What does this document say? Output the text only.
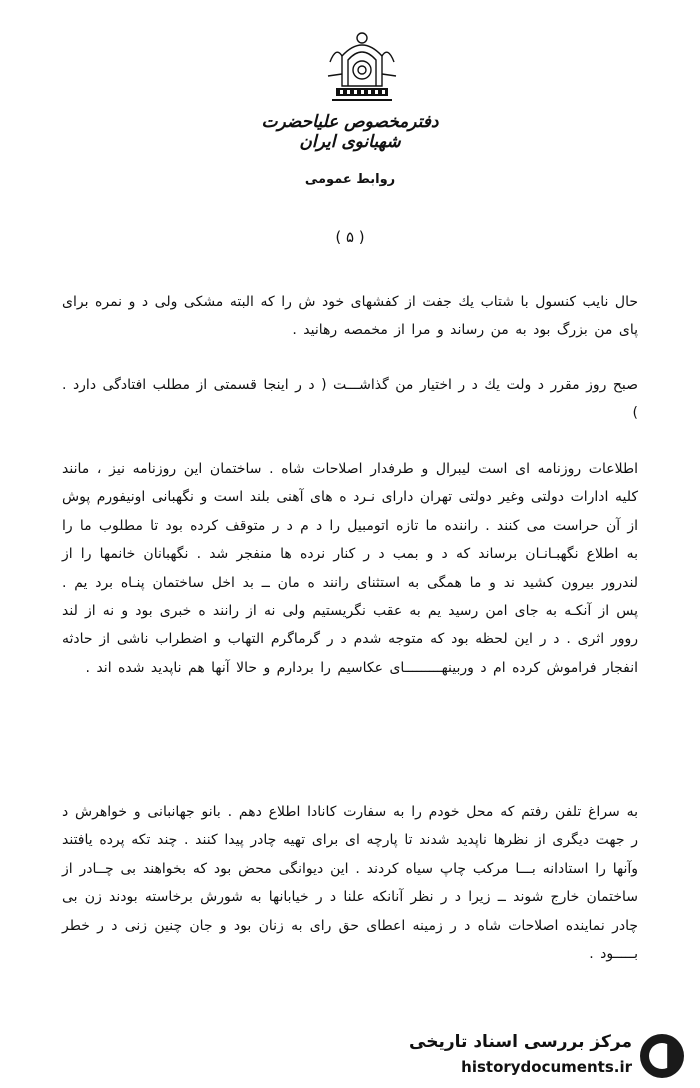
دفترمخصوص علیاحضرت شهبانوی ایران
روابط عمومی
( ۵ )
حال نایب کنسول با شتاب یك جفت از کفشهای خود ش را که البته مشکی ولی د و نمره برای پای من بزرگ بود به من رساند و مرا از مخمصه رهانید .
صبح روز مقرر د ولت یك د ر اختیار من گذاشـــت ( د ر اینجا قسمتی از مطلب افتادگی دارد . )
اطلاعات روزنامه ای است لیبرال و طرفدار اصلاحات شاه . ساختمان این روزنامه نیز ، مانند کلیه ادارات دولتی وغیر دولتی تهران دارای نـرد ه های آهنی بلند است و نگهبانی اونیفورم پوش از آن حراست می کنند . راننده ما تازه اتومبیل را د م د ر متوقف کرده بود تا مطلوب ما را به اطلاع نگهبـانـان برساند که د و بمب د ر کنار نرده ها منفجر شد . نگهبانان خانمها را از لندرور بیرون کشید ند و ما همگی به استثنای رانند ه مان ــ بد اخل ساختمان پنـاه برد یم . پس از آنکـه به جای امن رسید یم به عقب نگریستیم ولی نه از رانند ه خبری بود و نه از لند روور اثری . د ر این لحظه بود که متوجه شدم د ر گرماگرم التهاب و اضطراب ناشی از حادثه انفجار فراموش کرده ام د وربینهـــــــــای عکاسیم را بردارم و حالا آنها هم ناپدید شده اند .
به سراغ تلفن رفتم که محل خودم را به سفارت کانادا اطلاع دهم . بانو جهانبانی و خواهرش د ر جهت دیگری از نظرها ناپدید شدند تا پارچه ای برای تهیه چادر پیدا کنند . چند تکه پرده یافتند وآنها را استادانه بـــا مرکب چاپ سیاه کردند . این دیوانگی محض بود که بخواهند بی چــادر از ساختمان خارج شوند ــ زیرا د ر نظر آنانکه علنا د ر خیابانها به شورش برخاسته بودند زن بی چادر نماینده اصلاحات شاه د ر زمینه اعطای حق رای به زنان بود و جان چنین زنی د ر خطر بـــــود .
مرکز بررسی اسناد تاریخی
historydocuments.ir
